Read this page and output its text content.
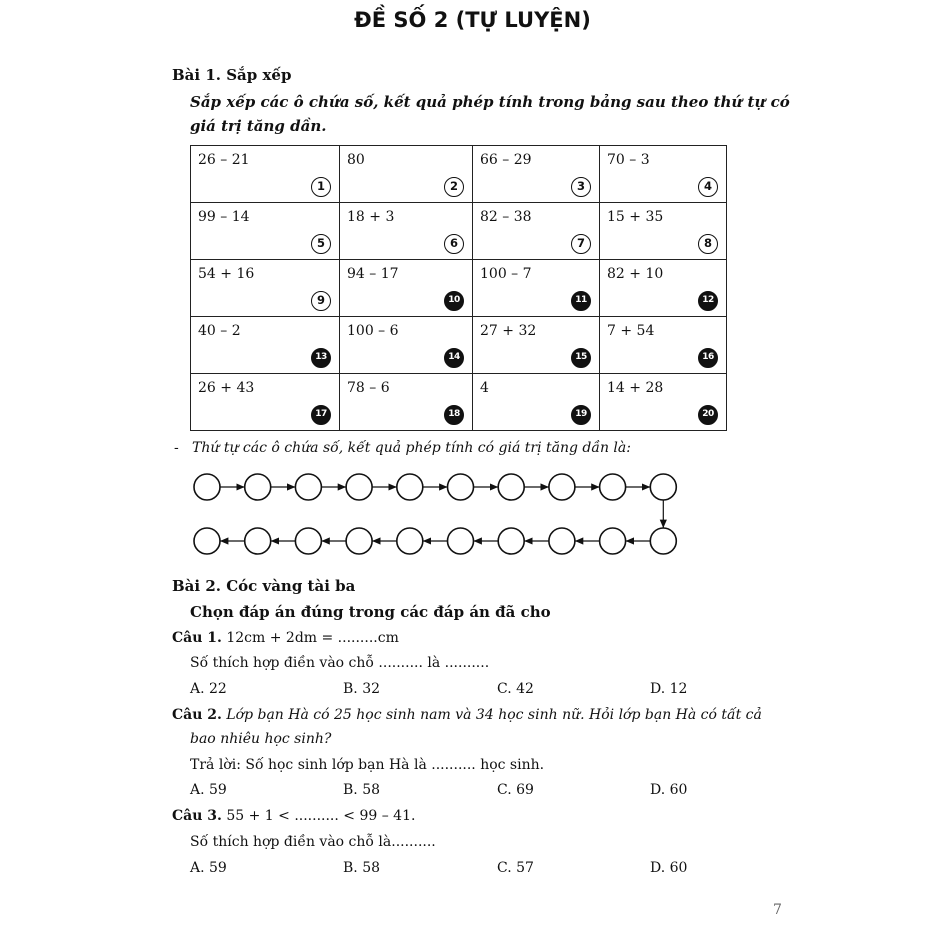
ĐỀ SỐ 2 (TỰ LUYỆN)
Bài 1. Sắp xếp
Sắp xếp các ô chứa số, kết quả phép tính trong bảng sau theo thứ tự có giá trị tăng dần.
26 – 21
1	80
2	66 – 29
3	70 – 3
4

99 – 14
5	18 + 3
6	82 – 38
7	15 + 35
8

54 + 16
9	94 – 17
10	100 – 7
11	82 + 10
12

40 – 2
13	100 – 6
14	27 + 32
15	7 + 54
16

26 + 43
17	78 – 6
18	4
19	14 + 28
20
- Thứ tự các ô chứa số, kết quả phép tính có giá trị tăng dần là:
Bài 2. Cóc vàng tài ba
Chọn đáp án đúng trong các đáp án đã cho
Câu 1. 12cm + 2dm = .........cm
Số thích hợp điền vào chỗ .......... là ..........
A. 22	B. 32	C. 42	D. 12
Câu 2. Lớp bạn Hà có 25 học sinh nam và 34 học sinh nữ. Hỏi lớp bạn Hà có tất cả
bao nhiêu học sinh?
Trả lời: Số học sinh lớp bạn Hà là .......... học sinh.
A. 59	B. 58	C. 69	D. 60
Câu 3. 55 + 1 < .......... < 99 – 41.
Số thích hợp điền vào chỗ là..........
A. 59	B. 58	C. 57	D. 60
7
